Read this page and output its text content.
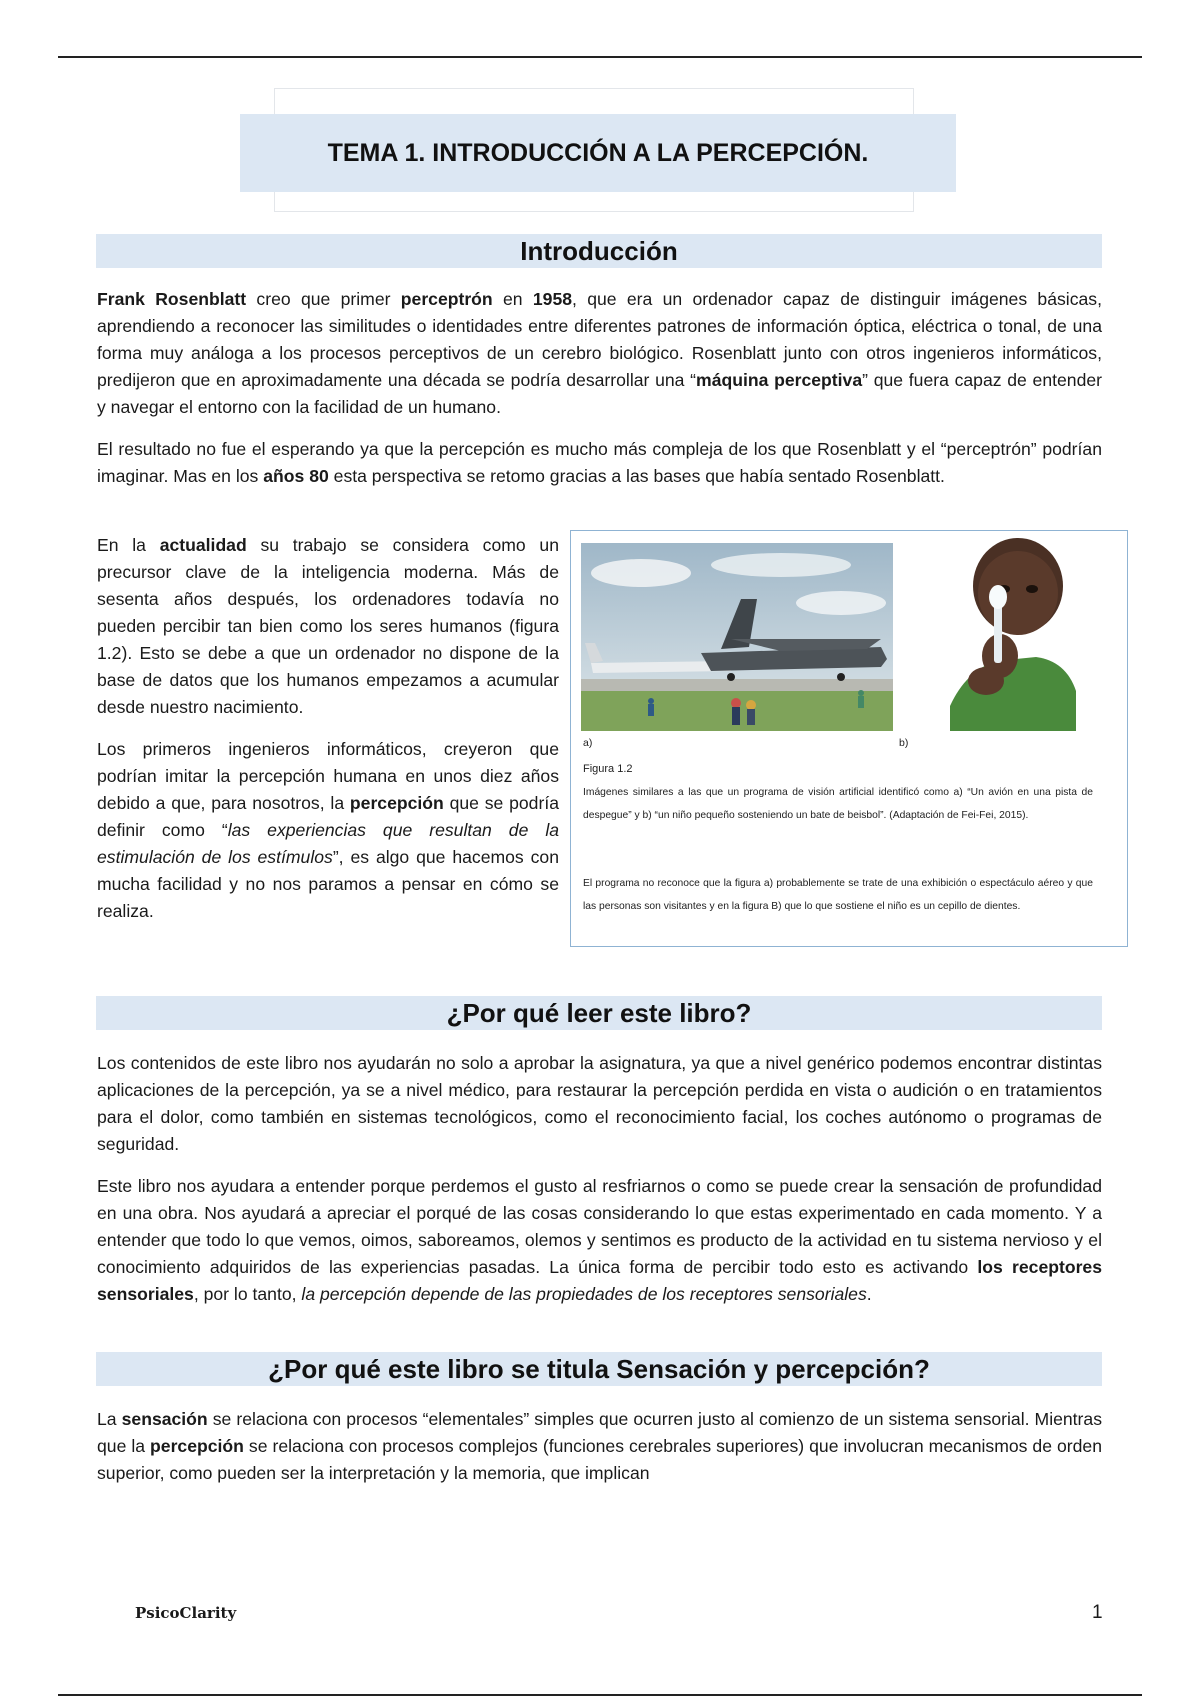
TEMA 1. INTRODUCCIÓN A LA PERCEPCIÓN.
Introducción

Frank Rosenblatt creo que primer perceptrón en 1958, que era un ordenador capaz de distinguir imágenes básicas, aprendiendo a reconocer las similitudes o identidades entre diferentes patrones de información óptica, eléctrica o tonal, de una forma muy análoga a los procesos perceptivos de un cerebro biológico. Rosenblatt junto con otros ingenieros informáticos, predijeron que en aproximadamente una década se podría desarrollar una “máquina perceptiva” que fuera capaz de entender y navegar el entorno con la facilidad de un humano.

El resultado no fue el esperando ya que la percepción es mucho más compleja de los que Rosenblatt y el “perceptrón” podrían imaginar. Mas en los años 80 esta perspectiva se retomo gracias a las bases que había sentado Rosenblatt.

En la actualidad su trabajo se considera como un precursor clave de la inteligencia moderna. Más de sesenta años después, los ordenadores todavía no pueden percibir tan bien como los seres humanos (figura 1.2). Esto se debe a que un ordenador no dispone de la base de datos que los humanos empezamos a acumular desde nuestro nacimiento.

Los primeros ingenieros informáticos, creyeron que podrían imitar la percepción humana en unos diez años debido a que, para nosotros, la percepción que se podría definir como “las experiencias que resultan de la estimulación de los estímulos”, es algo que hacemos con mucha facilidad y no nos paramos a pensar en cómo se realiza.

a)	b)
Figura 1.2

Imágenes similares a las que un programa de visión artificial identificó como a) “Un avión en una pista de despegue” y b) “un niño pequeño sosteniendo un bate de beisbol”. (Adaptación de Fei-Fei, 2015).

El programa no reconoce que la figura a) probablemente se trate de una exhibición o espectáculo aéreo y que las personas son visitantes y en la figura B) que lo que sostiene el niño es un cepillo de dientes.

¿Por qué leer este libro?

Los contenidos de este libro nos ayudarán no solo a aprobar la asignatura, ya que a nivel genérico podemos encontrar distintas aplicaciones de la percepción, ya se a nivel médico, para restaurar la percepción perdida en vista o audición o en tratamientos para el dolor, como también en sistemas tecnológicos, como el reconocimiento facial, los coches autónomo o programas de seguridad.

Este libro nos ayudara a entender porque perdemos el gusto al resfriarnos o como se puede crear la sensación de profundidad en una obra. Nos ayudará a apreciar el porqué de las cosas considerando lo que estas experimentado en cada momento. Y a entender que todo lo que vemos, oimos, saboreamos, olemos y sentimos es producto de la actividad en tu sistema nervioso y el conocimiento adquiridos de las experiencias pasadas. La única forma de percibir todo esto es activando los receptores sensoriales, por lo tanto, la percepción depende de las propiedades de los receptores sensoriales.

¿Por qué este libro se titula Sensación y percepción?

La sensación se relaciona con procesos “elementales” simples que ocurren justo al comienzo de un sistema sensorial. Mientras que la percepción se relaciona con procesos complejos (funciones cerebrales superiores) que involucran mecanismos de orden superior, como pueden ser la interpretación y la memoria, que implican

PsicoClarity	1
